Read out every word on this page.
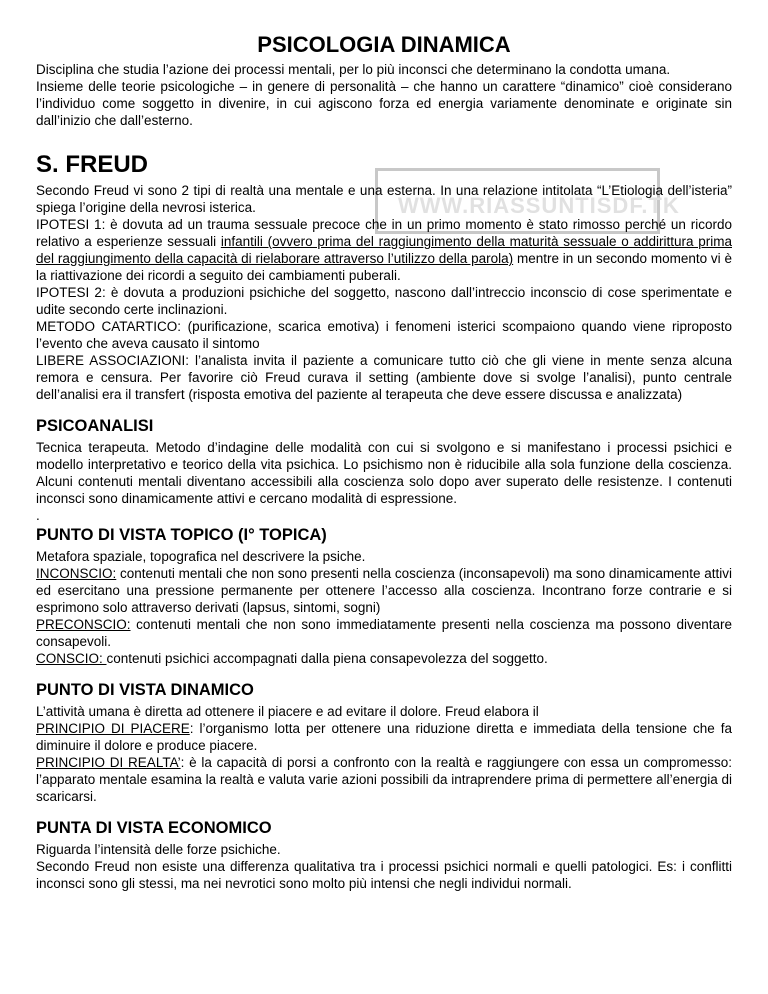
WWW.RIASSUNTISDF.TK
PSICOLOGIA DINAMICA

Disciplina che studia l’azione dei processi mentali, per lo più inconsci che determinano la condotta umana.

Insieme delle teorie psicologiche – in genere di personalità – che hanno un carattere “dinamico” cioè considerano l’individuo come soggetto in divenire, in cui agiscono forza ed energia variamente denominate e originate sin dall’inizio che dall’esterno.

S. FREUD

Secondo Freud vi sono 2 tipi di realtà una mentale e una esterna. In una relazione intitolata “L’Etiologia dell’isteria” spiega l’origine della nevrosi isterica.

IPOTESI 1: è dovuta ad un trauma sessuale precoce che in un primo momento è stato rimosso perché un ricordo relativo a esperienze sessuali infantili (ovvero prima del raggiungimento della maturità sessuale o addirittura prima del raggiungimento della capacità di rielaborare attraverso l’utilizzo della parola) mentre in un secondo momento vi è la riattivazione dei ricordi a seguito dei cambiamenti puberali.

IPOTESI 2: è dovuta a produzioni psichiche del soggetto, nascono dall’intreccio inconscio di cose sperimentate e udite secondo certe inclinazioni.

METODO CATARTICO: (purificazione, scarica emotiva) i fenomeni isterici scompaiono quando viene riproposto l’evento che aveva causato il sintomo

LIBERE ASSOCIAZIONI: l’analista invita il paziente a comunicare tutto ciò che gli viene in mente senza alcuna remora e censura. Per favorire ciò Freud curava il setting (ambiente dove si svolge l’analisi), punto centrale dell’analisi era il transfert (risposta emotiva del paziente al terapeuta che deve essere discussa e analizzata)

PSICOANALISI

Tecnica terapeuta. Metodo d’indagine delle modalità con cui si svolgono e si manifestano i processi psichici e modello interpretativo e teorico della vita psichica. Lo psichismo non è riducibile alla sola funzione della coscienza. Alcuni contenuti mentali diventano accessibili alla coscienza solo dopo aver superato delle resistenze. I contenuti inconsci sono dinamicamente attivi e cercano modalità di espressione.

.

PUNTO DI VISTA TOPICO (I° TOPICA)

Metafora spaziale, topografica nel descrivere la psiche.

INCONSCIO: contenuti mentali che non sono presenti nella coscienza (inconsapevoli) ma sono dinamicamente attivi ed esercitano una pressione permanente per ottenere l’accesso alla coscienza. Incontrano forze contrarie e si esprimono solo attraverso derivati (lapsus, sintomi, sogni)

PRECONSCIO: contenuti mentali che non sono immediatamente presenti nella coscienza ma possono diventare consapevoli.

CONSCIO: contenuti psichici accompagnati dalla piena consapevolezza del soggetto.

PUNTO DI VISTA DINAMICO

L’attività umana è diretta ad ottenere il piacere e ad evitare il dolore. Freud elabora il

PRINCIPIO DI PIACERE: l’organismo lotta per ottenere una riduzione diretta e immediata della tensione che fa diminuire il dolore e produce piacere.

PRINCIPIO DI REALTA’: è la capacità di porsi a confronto con la realtà e raggiungere con essa un compromesso: l’apparato mentale esamina la realtà e valuta varie azioni possibili da intraprendere prima di permettere all’energia di scaricarsi.

PUNTA DI VISTA ECONOMICO

Riguarda l’intensità delle forze psichiche.

Secondo Freud non esiste una differenza qualitativa tra i processi psichici normali e quelli patologici. Es: i conflitti inconsci sono gli stessi, ma nei nevrotici sono molto più intensi che negli individui normali.
